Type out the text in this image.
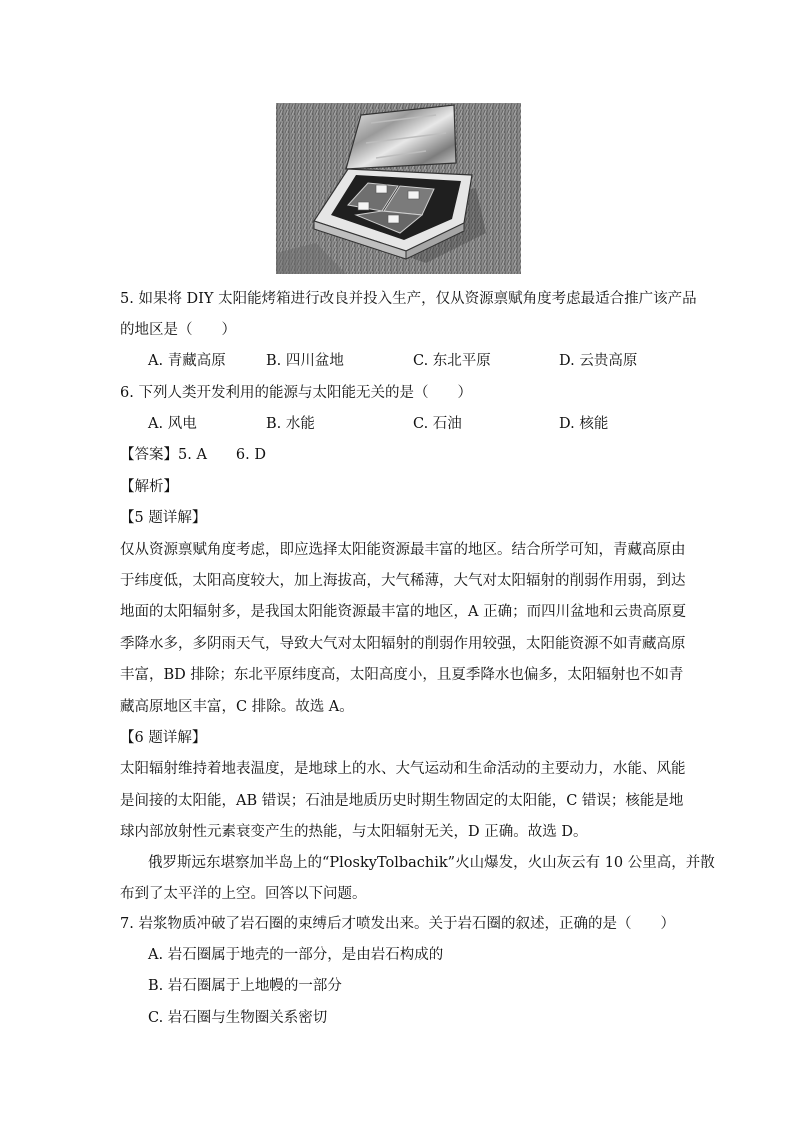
5. 如果将 DIY 太阳能烤箱进行改良并投入生产，仅从资源禀赋角度考虑最适合推广该产品
的地区是（　　）
A. 青藏高原	B. 四川盆地	C. 东北平原	D. 云贵高原
6. 下列人类开发利用的能源与太阳能无关的是（　　）
A. 风电	B. 水能	C. 石油	D. 核能
【答案】5. A　　6. D
【解析】
【5 题详解】
仅从资源禀赋角度考虑，即应选择太阳能资源最丰富的地区。结合所学可知，青藏高原由
于纬度低，太阳高度较大，加上海拔高，大气稀薄，大气对太阳辐射的削弱作用弱，到达
地面的太阳辐射多，是我国太阳能资源最丰富的地区，A 正确；而四川盆地和云贵高原夏
季降水多，多阴雨天气，导致大气对太阳辐射的削弱作用较强，太阳能资源不如青藏高原
丰富，BD 排除；东北平原纬度高，太阳高度小，且夏季降水也偏多，太阳辐射也不如青
藏高原地区丰富，C 排除。故选 A。
【6 题详解】
太阳辐射维持着地表温度，是地球上的水、大气运动和生命活动的主要动力，水能、风能
是间接的太阳能，AB 错误；石油是地质历史时期生物固定的太阳能，C 错误；核能是地
球内部放射性元素衰变产生的热能，与太阳辐射无关，D 正确。故选 D。
俄罗斯远东堪察加半岛上的“PloskyTolbachik”火山爆发，火山灰云有 10 公里高，并散
布到了太平洋的上空。回答以下问题。
7. 岩浆物质冲破了岩石圈的束缚后才喷发出来。关于岩石圈的叙述，正确的是（　　）
A. 岩石圈属于地壳的一部分，是由岩石构成的
B. 岩石圈属于上地幔的一部分
C. 岩石圈与生物圈关系密切
